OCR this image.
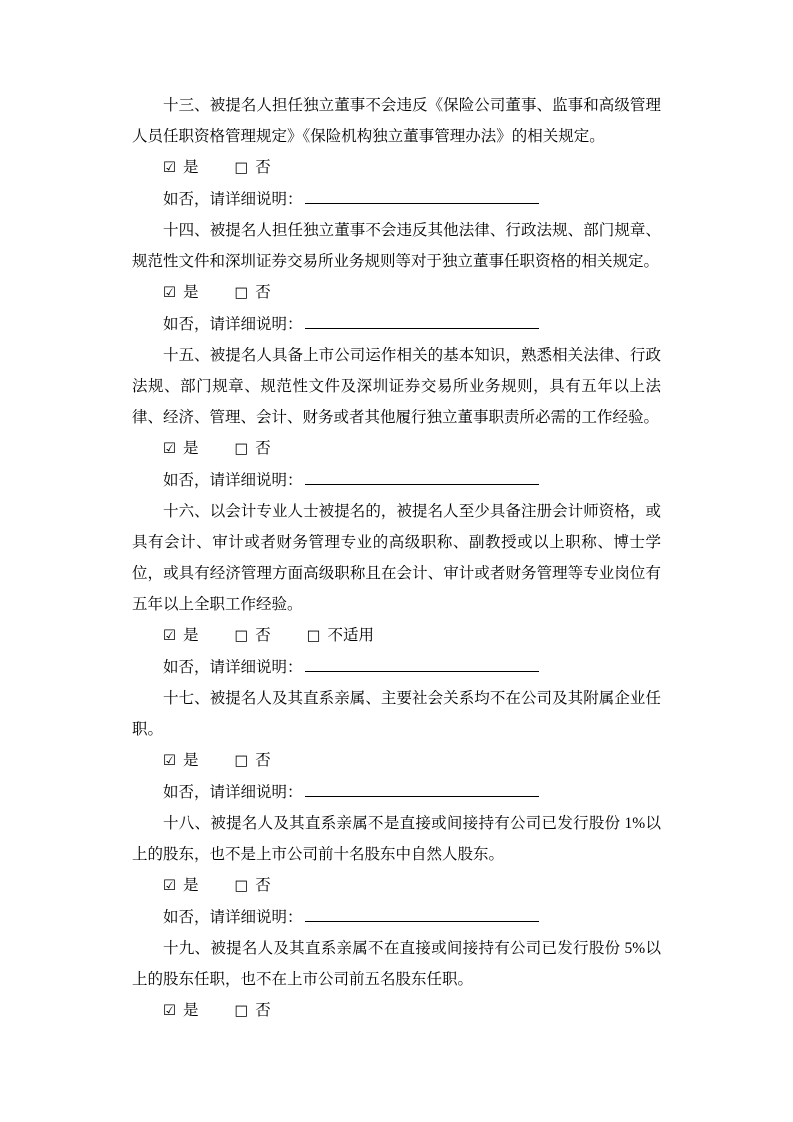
十三、被提名人担任独立董事不会违反《保险公司董事、监事和高级管理人员任职资格管理规定》《保险机构独立董事管理办法》的相关规定。

☑ 是 □ 否
如否，请详细说明：

十四、被提名人担任独立董事不会违反其他法律、行政法规、部门规章、规范性文件和深圳证券交易所业务规则等对于独立董事任职资格的相关规定。

☑ 是 □ 否
如否，请详细说明：

十五、被提名人具备上市公司运作相关的基本知识，熟悉相关法律、行政法规、部门规章、规范性文件及深圳证券交易所业务规则，具有五年以上法律、经济、管理、会计、财务或者其他履行独立董事职责所必需的工作经验。

☑ 是 □ 否
如否，请详细说明：

十六、以会计专业人士被提名的，被提名人至少具备注册会计师资格，或具有会计、审计或者财务管理专业的高级职称、副教授或以上职称、博士学位，或具有经济管理方面高级职称且在会计、审计或者财务管理等专业岗位有五年以上全职工作经验。

☑ 是 □ 否 □ 不适用
如否，请详细说明：

十七、被提名人及其直系亲属、主要社会关系均不在公司及其附属企业任职。

☑ 是 □ 否
如否，请详细说明：

十八、被提名人及其直系亲属不是直接或间接持有公司已发行股份 1%以上的股东，也不是上市公司前十名股东中自然人股东。

☑ 是 □ 否
如否，请详细说明：

十九、被提名人及其直系亲属不在直接或间接持有公司已发行股份 5%以上的股东任职，也不在上市公司前五名股东任职。

☑ 是 □ 否
